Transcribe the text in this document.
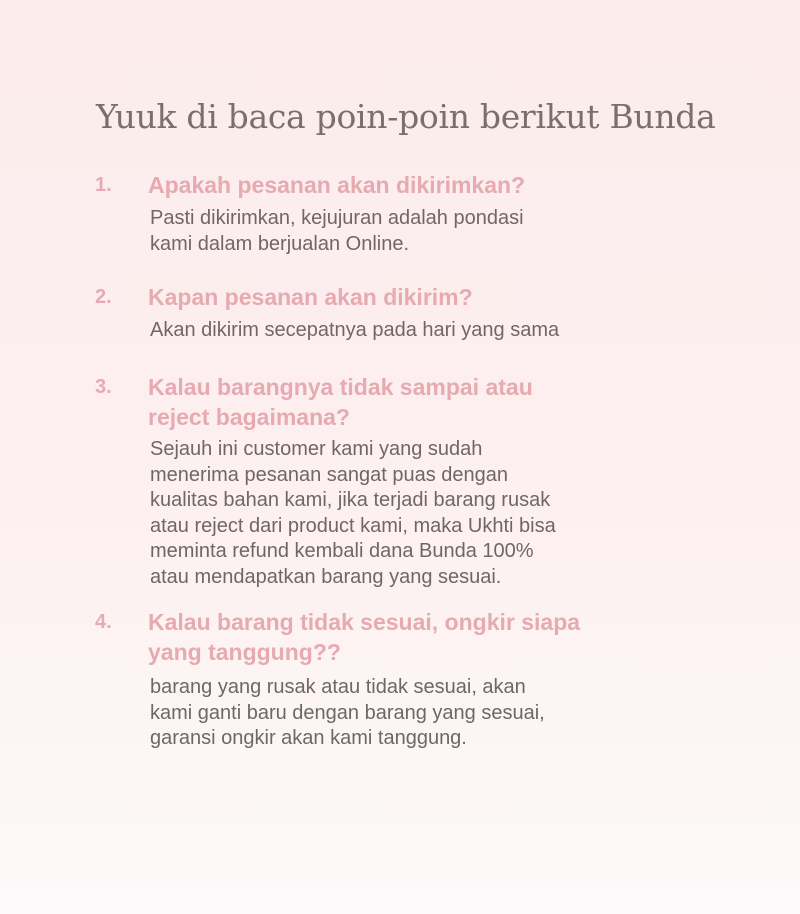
Yuuk di baca poin-poin berikut Bunda
1. Apakah pesanan akan dikirimkan?

Pasti dikirimkan, kejujuran adalah pondasi
kami dalam berjualan Online.

2. Kapan pesanan akan dikirim?

Akan dikirim secepatnya pada hari yang sama

3. Kalau barangnya tidak sampai atau
reject bagaimana?

Sejauh ini customer kami yang sudah
menerima pesanan sangat puas dengan
kualitas bahan kami, jika terjadi barang rusak
atau reject dari product kami, maka Ukhti bisa
meminta refund kembali dana Bunda 100%
atau mendapatkan barang yang sesuai.

4. Kalau barang tidak sesuai, ongkir siapa
yang tanggung??

barang yang rusak atau tidak sesuai, akan
kami ganti baru dengan barang yang sesuai,
garansi ongkir akan kami tanggung.
